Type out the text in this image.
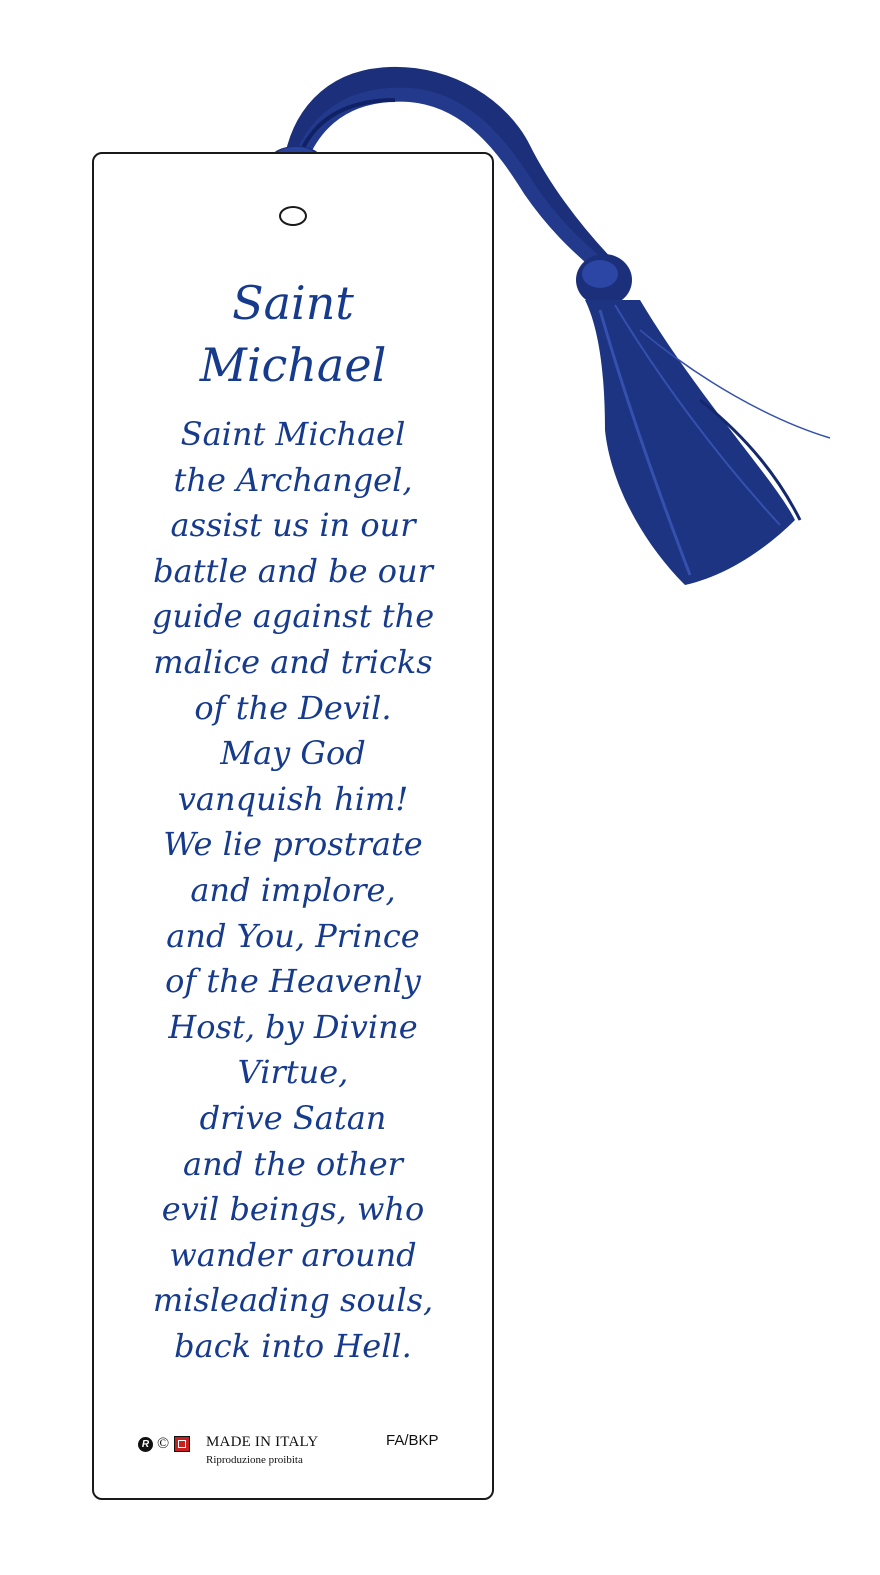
Saint
Michael
Saint Michael
the Archangel,
assist us in our
battle and be our
guide against the
malice and tricks
of the Devil.
May God
vanquish him!
We lie prostrate
and implore,
and You, Prince
of the Heavenly
Host, by Divine
Virtue,
drive Satan
and the other
evil beings, who
wander around
misleading souls,
back into Hell.
R © MADE IN ITALY
Riproduzione proibita
FA/BKP
